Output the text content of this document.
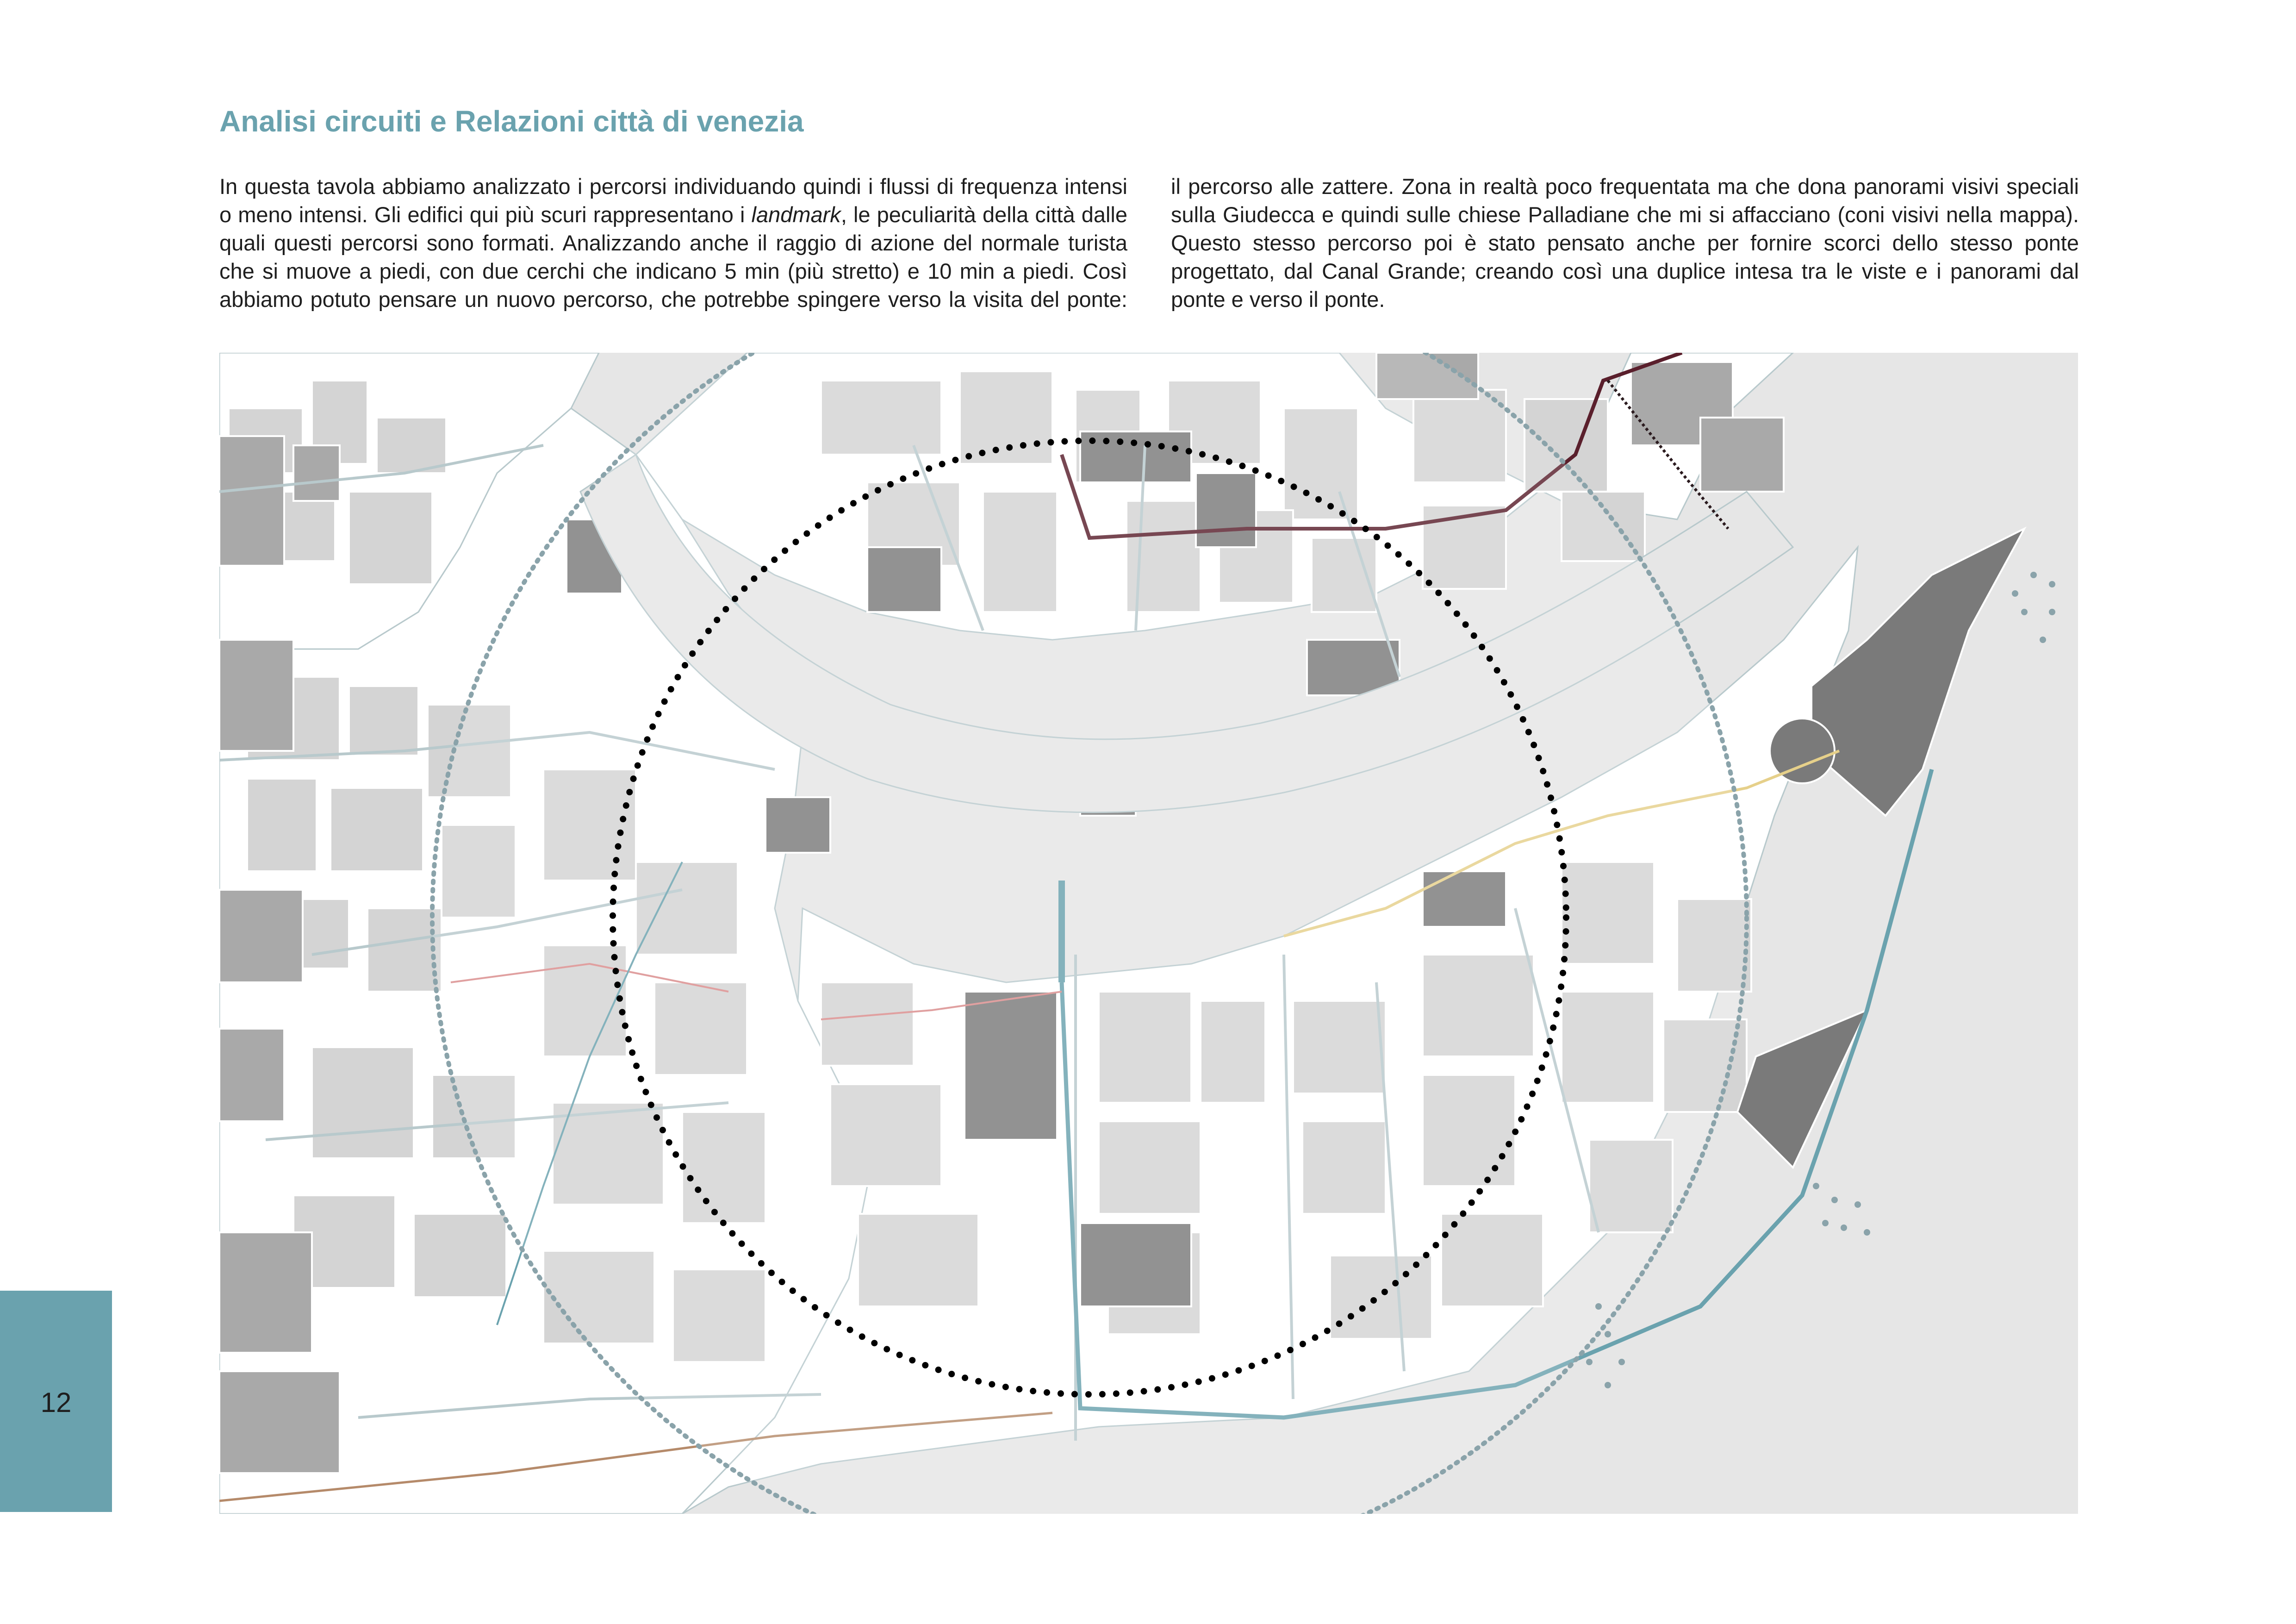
Analisi circuiti e Relazioni città di venezia
In questa tavola abbiamo analizzato i percorsi individuando quindi i flussi di frequenza intensi
o meno intensi. Gli edifici qui più scuri rappresentano i landmark, le peculiarità della città dalle
quali questi percorsi sono formati. Analizzando anche il raggio di azione del normale turista
che si muove a piedi, con due cerchi che indicano 5 min (più stretto) e 10 min a piedi. Così
abbiamo potuto pensare un nuovo percorso, che potrebbe spingere verso la visita del ponte:
il percorso alle zattere. Zona in realtà poco frequentata ma che dona panorami visivi speciali
sulla Giudecca e quindi sulle chiese Palladiane che mi si affacciano (coni visivi nella mappa).
Questo stesso percorso poi è stato pensato anche per fornire scorci dello stesso ponte
progettato, dal Canal Grande; creando così una duplice intesa tra le viste e i panorami dal
ponte e verso il ponte.
12
